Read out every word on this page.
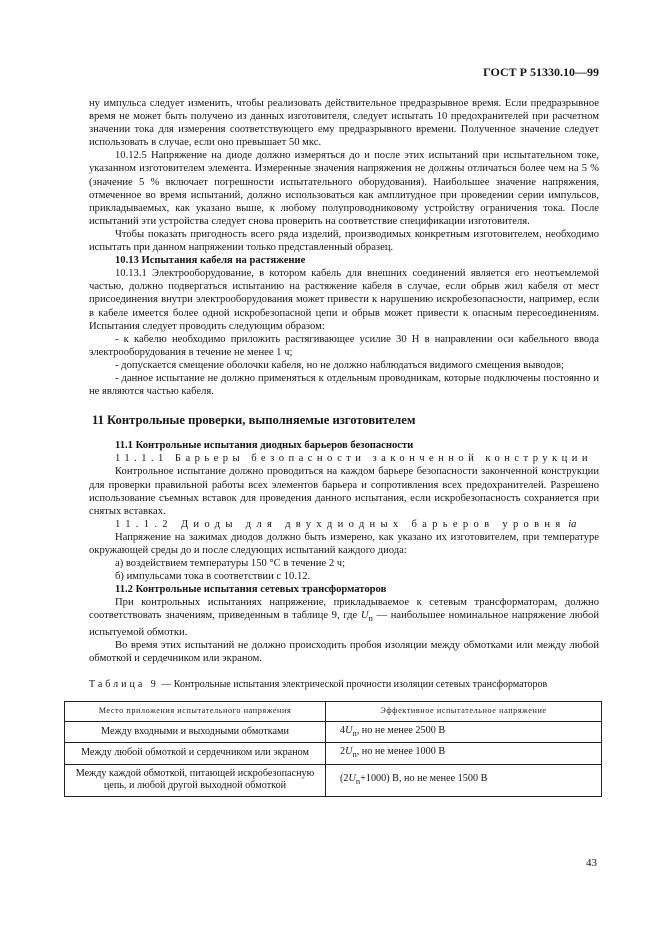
ГОСТ Р 51330.10—99

ну импульса следует изменить, чтобы реализовать действительное предразрывное время. Если предразрывное время не может быть получено из данных изготовителя, следует испытать 10 предохранителей при расчетном значении тока для измерения соответствующего ему предразрывного времени. Полученное значение следует использовать в случае, если оно превышает 50 мкс.

10.12.5 Напряжение на диоде должно измеряться до и после этих испытаний при испытательном токе, указанном изготовителем элемента. Измеренные значения напряжения не должны отличаться более чем на 5 % (значение 5 % включает погрешности испытательного оборудования). Наибольшее значение напряжения, отмеченное во время испытаний, должно использоваться как амплитудное при проведении серии импульсов, прикладываемых, как указано выше, к любому полупроводниковому устройству ограничения тока. После испытаний эти устройства следует снова проверить на соответствие спецификации изготовителя.

Чтобы показать пригодность всего ряда изделий, производимых конкретным изготовителем, необходимо испытать при данном напряжении только представленный образец.

10.13 Испытания кабеля на растяжение

10.13.1 Электрооборудование, в котором кабель для внешних соединений является его неотъемлемой частью, должно подвергаться испытанию на растяжение кабеля в случае, если обрыв жил кабеля от мест присоединения внутри электрооборудования может привести к нарушению искробезопасности, например, если в кабеле имеется более одной искробезопасной цепи и обрыв может привести к опасным пересоединениям. Испытания следует проводить следующим образом:

- к кабелю необходимо приложить растягивающее усилие 30 Н в направлении оси кабельного ввода электрооборудования в течение не менее 1 ч;

- допускается смещение оболочки кабеля, но не должно наблюдаться видимого смещения выводов;

- данное испытание не должно применяться к отдельным проводникам, которые подключены постоянно и не являются частью кабеля.

11 Контрольные проверки, выполняемые изготовителем

11.1 Контрольные испытания диодных барьеров безопасности

11.1.1 Барьеры безопасности законченной конструкции

Контрольное испытание должно проводиться на каждом барьере безопасности законченной конструкции для проверки правильной работы всех элементов барьера и сопротивления всех предохранителей. Разрешено использование съемных вставок для проведения данного испытания, если искробезопасность сохраняется при снятых вставках.

11.1.2 Диоды для двухдиодных барьеров уровня ia

Напряжение на зажимах диодов должно быть измерено, как указано их изготовителем, при температуре окружающей среды до и после следующих испытаний каждого диода:

а) воздействием температуры 150 °С в течение 2 ч;

б) импульсами тока в соответствии с 10.12.

11.2 Контрольные испытания сетевых трансформаторов

При контрольных испытаниях напряжение, прикладываемое к сетевым трансформаторам, должно соответствовать значениям, приведенным в таблице 9, где $U_n$ — наибольшее номинальное напряжение любой испытуемой обмотки.

Во время этих испытаний не должно происходить пробоя изоляции между обмотками или между любой обмоткой и сердечником или экраном.

Таблица 9 — Контрольные испытания электрической прочности изоляции сетевых трансформаторов
Место приложения испытательного напряжения	Эффективное испытательное напряжение
Между входными и выходными обмотками	$4U_n$, но не менее 2500 В
Между любой обмоткой и сердечником или экраном	$2U_n$, но не менее 1000 В
Между каждой обмоткой, питающей искробезопасную цепь, и любой другой выходной обмоткой	$(2U_n+1000)$ В, но не менее 1500 В
43
